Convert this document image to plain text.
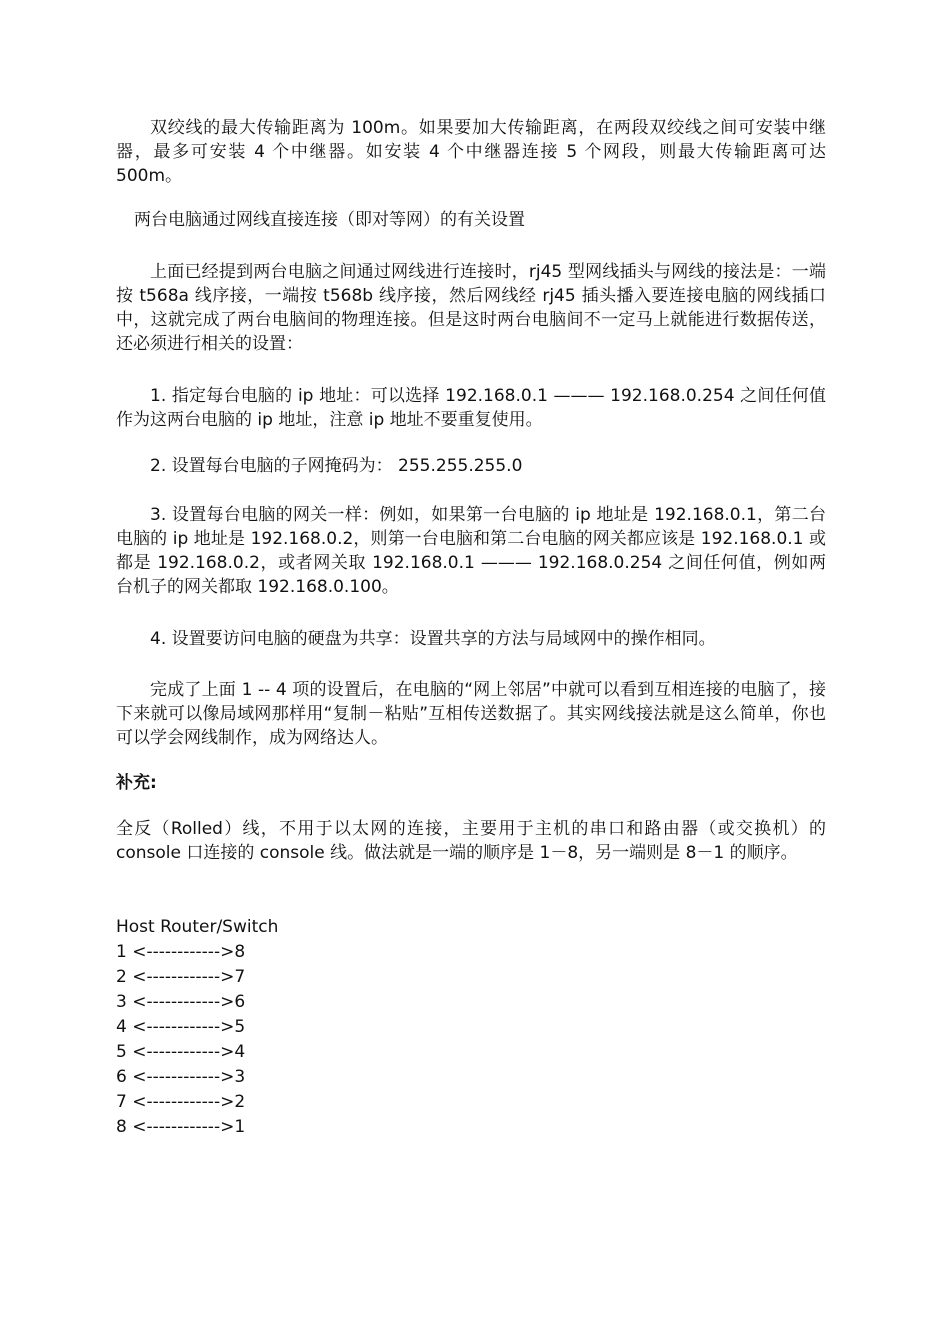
双绞线的最大传输距离为 100m。如果要加大传输距离，在两段双绞线之间可安装中继器，最多可安装 4 个中继器。如安装 4 个中继器连接 5 个网段，则最大传输距离可达 500m。

两台电脑通过网线直接连接（即对等网）的有关设置

上面已经提到两台电脑之间通过网线进行连接时，rj45 型网线插头与网线的接法是：一端按 t568a 线序接，一端按 t568b 线序接，然后网线经 rj45 插头播入要连接电脑的网线插口中，这就完成了两台电脑间的物理连接。但是这时两台电脑间不一定马上就能进行数据传送，还必须进行相关的设置：

1. 指定每台电脑的 ip 地址：可以选择 192.168.0.1 ——— 192.168.0.254 之间任何值作为这两台电脑的 ip 地址，注意 ip 地址不要重复使用。

2. 设置每台电脑的子网掩码为： 255.255.255.0

3. 设置每台电脑的网关一样：例如，如果第一台电脑的 ip 地址是 192.168.0.1，第二台电脑的 ip 地址是 192.168.0.2，则第一台电脑和第二台电脑的网关都应该是 192.168.0.1 或都是 192.168.0.2，或者网关取 192.168.0.1 ——— 192.168.0.254 之间任何值，例如两台机子的网关都取 192.168.0.100。

4. 设置要访问电脑的硬盘为共享：设置共享的方法与局域网中的操作相同。

完成了上面 1 -- 4 项的设置后，在电脑的“网上邻居”中就可以看到互相连接的电脑了，接下来就可以像局域网那样用“复制－粘贴”互相传送数据了。其实网线接法就是这么简单，你也可以学会网线制作，成为网络达人。

补充:

全反（Rolled）线，不用于以太网的连接，主要用于主机的串口和路由器（或交换机）的 console 口连接的 console 线。做法就是一端的顺序是 1－8，另一端则是 8－1 的顺序。

Host Router/Switch

1 <------------>8

2 <------------>7

3 <------------>6

4 <------------>5

5 <------------>4

6 <------------>3

7 <------------>2

8 <------------>1
